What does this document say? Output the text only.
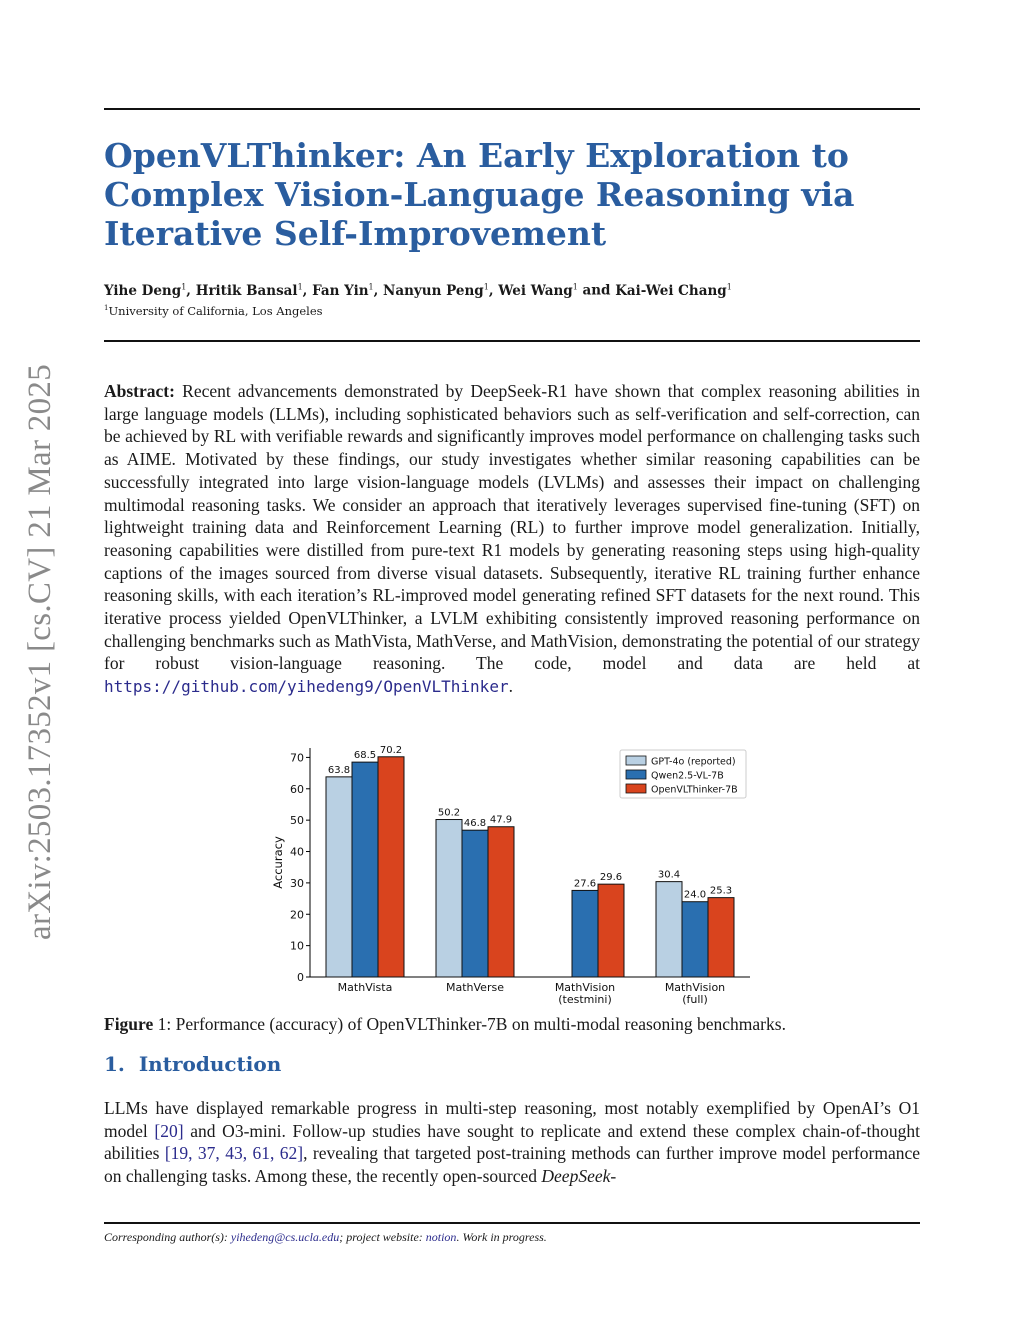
arXiv:2503.17352v1 [cs.CV] 21 Mar 2025
OpenVLThinker: An Early Exploration to Complex Vision-Language Reasoning via Iterative Self-Improvement
Yihe Deng$^1$, Hritik Bansal$^1$, Fan Yin$^1$, Nanyun Peng$^1$, Wei Wang$^1$ and Kai-Wei Chang$^1$
$^1$University of California, Los Angeles

Abstract: Recent advancements demonstrated by DeepSeek-R1 have shown that complex reasoning abilities in large language models (LLMs), including sophisticated behaviors such as self-verification and self-correction, can be achieved by RL with verifiable rewards and significantly improves model performance on challenging tasks such as AIME. Motivated by these findings, our study investigates whether similar reasoning capabilities can be successfully integrated into large vision-language models (LVLMs) and assesses their impact on challenging multimodal reasoning tasks. We consider an approach that iteratively leverages supervised fine-tuning (SFT) on lightweight training data and Reinforcement Learning (RL) to further improve model generalization. Initially, reasoning capabilities were distilled from pure-text R1 models by generating reasoning steps using high-quality captions of the images sourced from diverse visual datasets. Subsequently, iterative RL training further enhance reasoning skills, with each iteration’s RL-improved model generating refined SFT datasets for the next round. This iterative process yielded OpenVLThinker, a LVLM exhibiting consistently improved reasoning performance on challenging benchmarks such as MathVista, MathVerse, and MathVision, demonstrating the potential of our strategy for robust vision-language reasoning. The code, model and data are held at https://github.com/yihedeng9/OpenVLThinker.

0
10
20
30
40
50
60
70
Accuracy
63.8
68.5 70.2
MathVista
50.2
46.8 47.9
MathVerse
27.6
29.6
MathVision (testmini)
30.4
24.0 25.3
MathVision (full)
GPT-4o (reported)
Qwen2.5-VL-7B
OpenVLThinker-7B
Figure 1: Performance (accuracy) of OpenVLThinker-7B on multi-modal reasoning benchmarks.
1. Introduction

LLMs have displayed remarkable progress in multi-step reasoning, most notably exemplified by OpenAI’s O1 model [20] and O3-mini. Follow-up studies have sought to replicate and extend these complex chain-of-thought abilities [19, 37, 43, 61, 62], revealing that targeted post-training methods can further improve model performance on challenging tasks. Among these, the recently open-sourced DeepSeek-

Corresponding author(s): yihedeng@cs.ucla.edu; project website: notion. Work in progress.
